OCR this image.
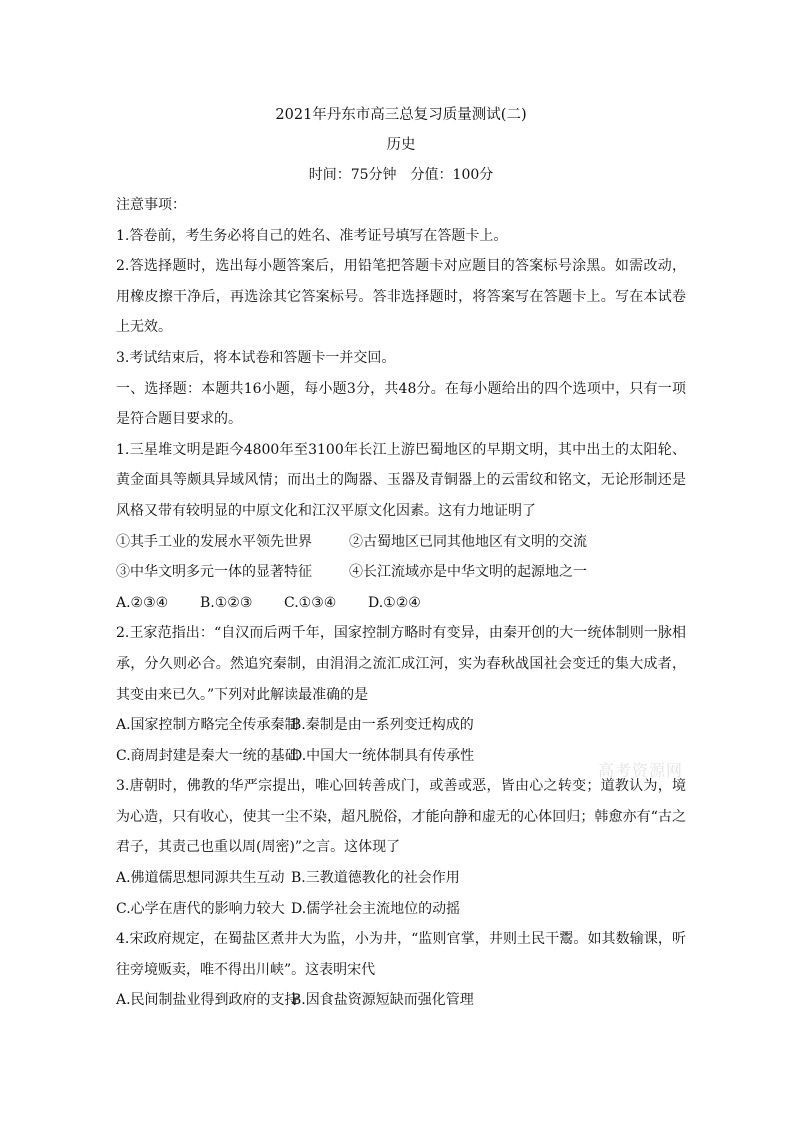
2021年丹东市高三总复习质量测试(二)
历史
时间：75分钟　分值：100分
注意事项：
1.答卷前，考生务必将自己的姓名、准考证号填写在答题卡上。
2.答选择题时，选出每小题答案后，用铅笔把答题卡对应题目的答案标号涂黑。如需改动，用橡皮擦干净后，再选涂其它答案标号。答非选择题时，将答案写在答题卡上。写在本试卷上无效。
3.考试结束后，将本试卷和答题卡一并交回。
一、选择题：本题共16小题，每小题3分，共48分。在每小题给出的四个选项中，只有一项是符合题目要求的。
1.三星堆文明是距今4800年至3100年长江上游巴蜀地区的早期文明，其中出土的太阳轮、黄金面具等颇具异域风情；而出土的陶器、玉器及青铜器上的云雷纹和铭文，无论形制还是风格又带有较明显的中原文化和江汉平原文化因素。这有力地证明了
①其手工业的发展水平领先世界	②古蜀地区已同其他地区有文明的交流
③中华文明多元一体的显著特征	④长江流域亦是中华文明的起源地之一
A.②③④ B.①②③ C.①③④ D.①②④
2.王家范指出：“自汉而后两千年，国家控制方略时有变异，由秦开创的大一统体制则一脉相承，分久则必合。然追究秦制，由涓涓之流汇成江河，实为春秋战国社会变迁的集大成者，其变由来已久。”下列对此解读最准确的是
A.国家控制方略完全传承秦制B.秦制是由一系列变迁构成的
C.商周封建是秦大一统的基础D.中国大一统体制具有传承性
3.唐朝时，佛教的华严宗提出，唯心回转善成门，或善或恶，皆由心之转变；道教认为，境为心造，只有收心，使其一尘不染，超凡脱俗，才能向静和虚无的心体回归；韩愈亦有“古之君子，其责己也重以周(周密)”之言。这体现了
A.佛道儒思想同源共生互动 B.三教道德教化的社会作用
C.心学在唐代的影响力较大 D.儒学社会主流地位的动摇
4.宋政府规定，在蜀盐区煮井大为监，小为井，“监则官掌，井则土民干鬻。如其数输课，听往旁境贩卖，唯不得出川峡”。这表明宋代
A.民间制盐业得到政府的支持B.因食盐资源短缺而强化管理
高考资源网
